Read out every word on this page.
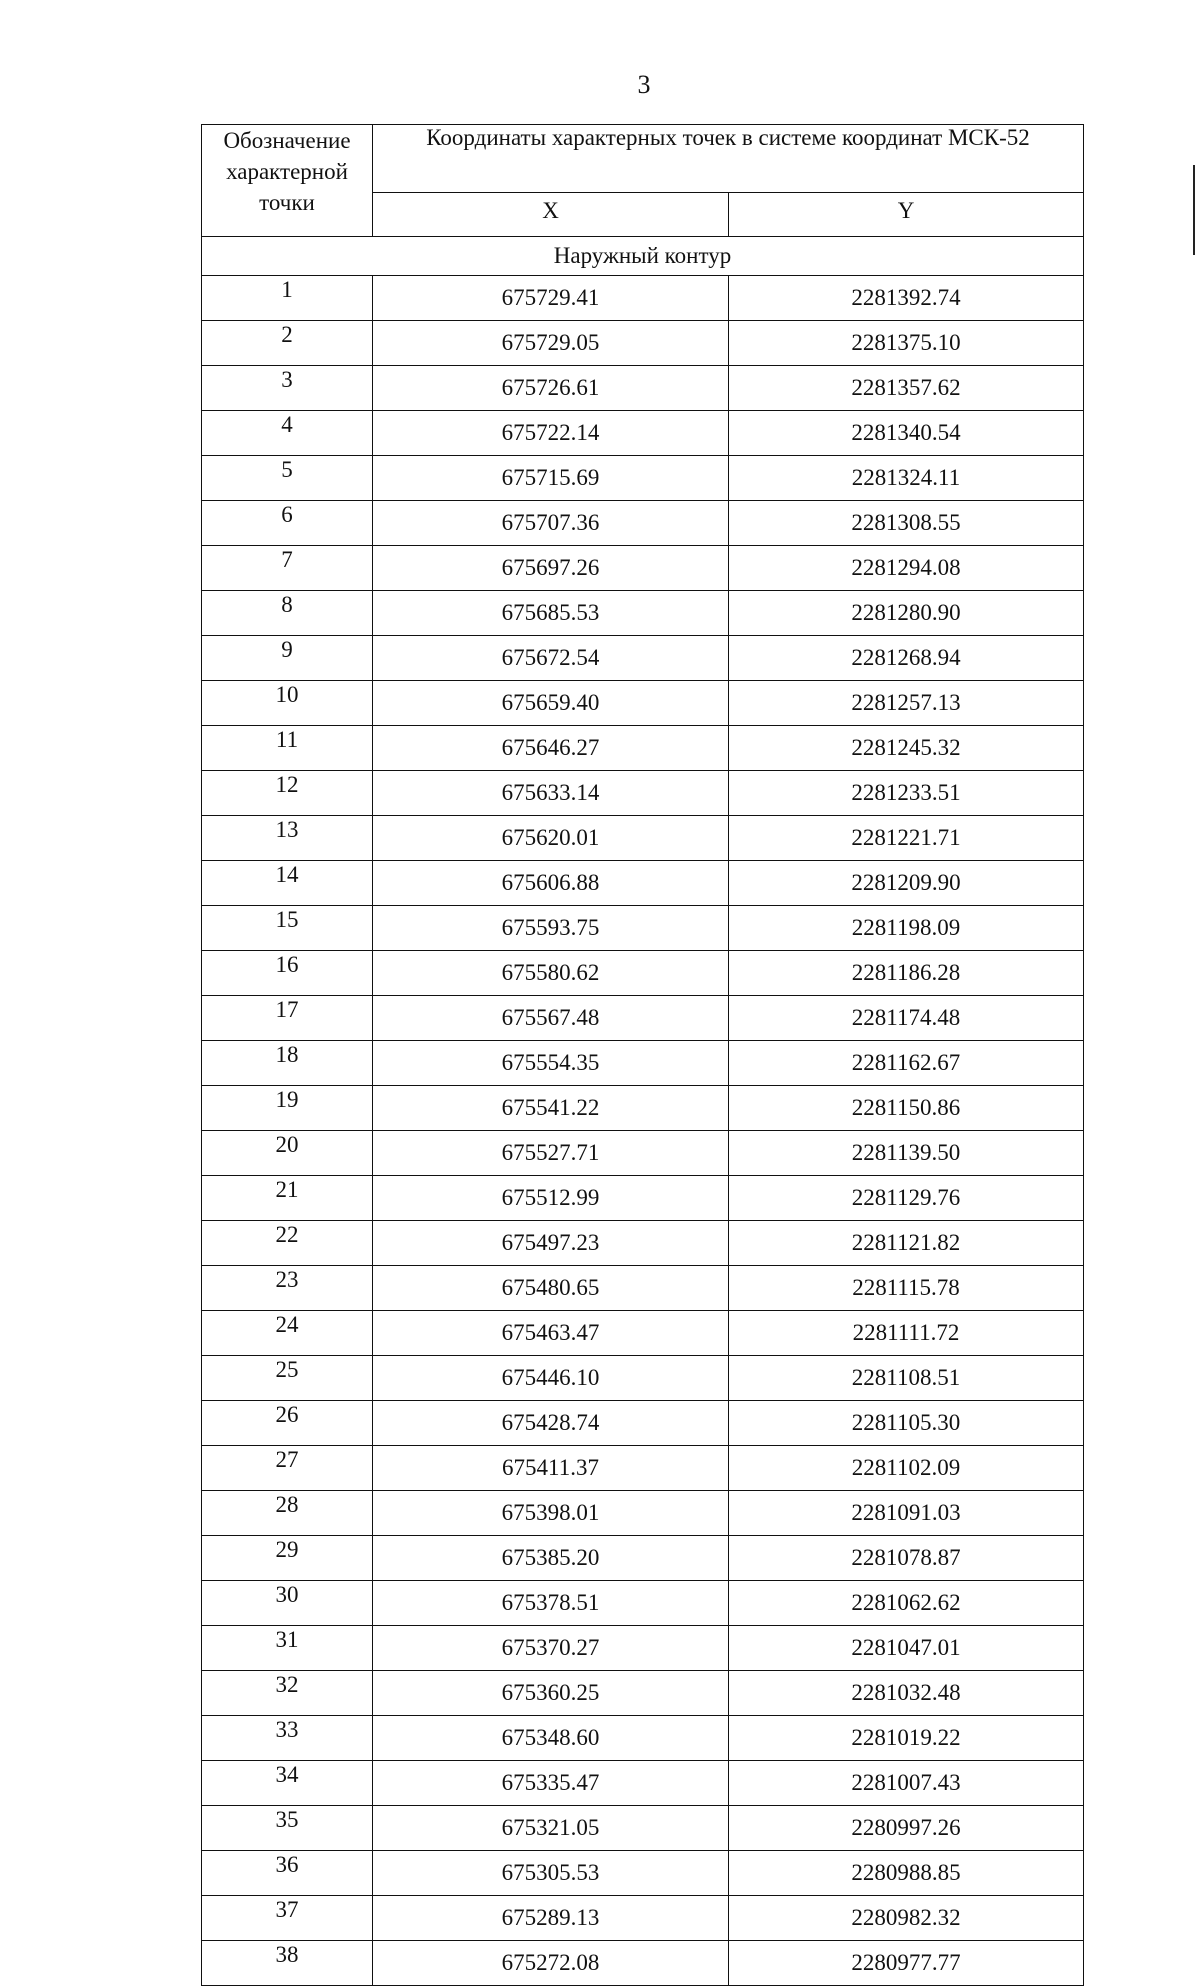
3
Обозначение характерной точки	Координаты характерных точек в системе координат МСК-52	
	X	Y
Наружный контур		
1	675729.41	2281392.74
2	675729.05	2281375.10
3	675726.61	2281357.62
4	675722.14	2281340.54
5	675715.69	2281324.11
6	675707.36	2281308.55
7	675697.26	2281294.08
8	675685.53	2281280.90
9	675672.54	2281268.94
10	675659.40	2281257.13
11	675646.27	2281245.32
12	675633.14	2281233.51
13	675620.01	2281221.71
14	675606.88	2281209.90
15	675593.75	2281198.09
16	675580.62	2281186.28
17	675567.48	2281174.48
18	675554.35	2281162.67
19	675541.22	2281150.86
20	675527.71	2281139.50
21	675512.99	2281129.76
22	675497.23	2281121.82
23	675480.65	2281115.78
24	675463.47	2281111.72
25	675446.10	2281108.51
26	675428.74	2281105.30
27	675411.37	2281102.09
28	675398.01	2281091.03
29	675385.20	2281078.87
30	675378.51	2281062.62
31	675370.27	2281047.01
32	675360.25	2281032.48
33	675348.60	2281019.22
34	675335.47	2281007.43
35	675321.05	2280997.26
36	675305.53	2280988.85
37	675289.13	2280982.32
38	675272.08	2280977.77
